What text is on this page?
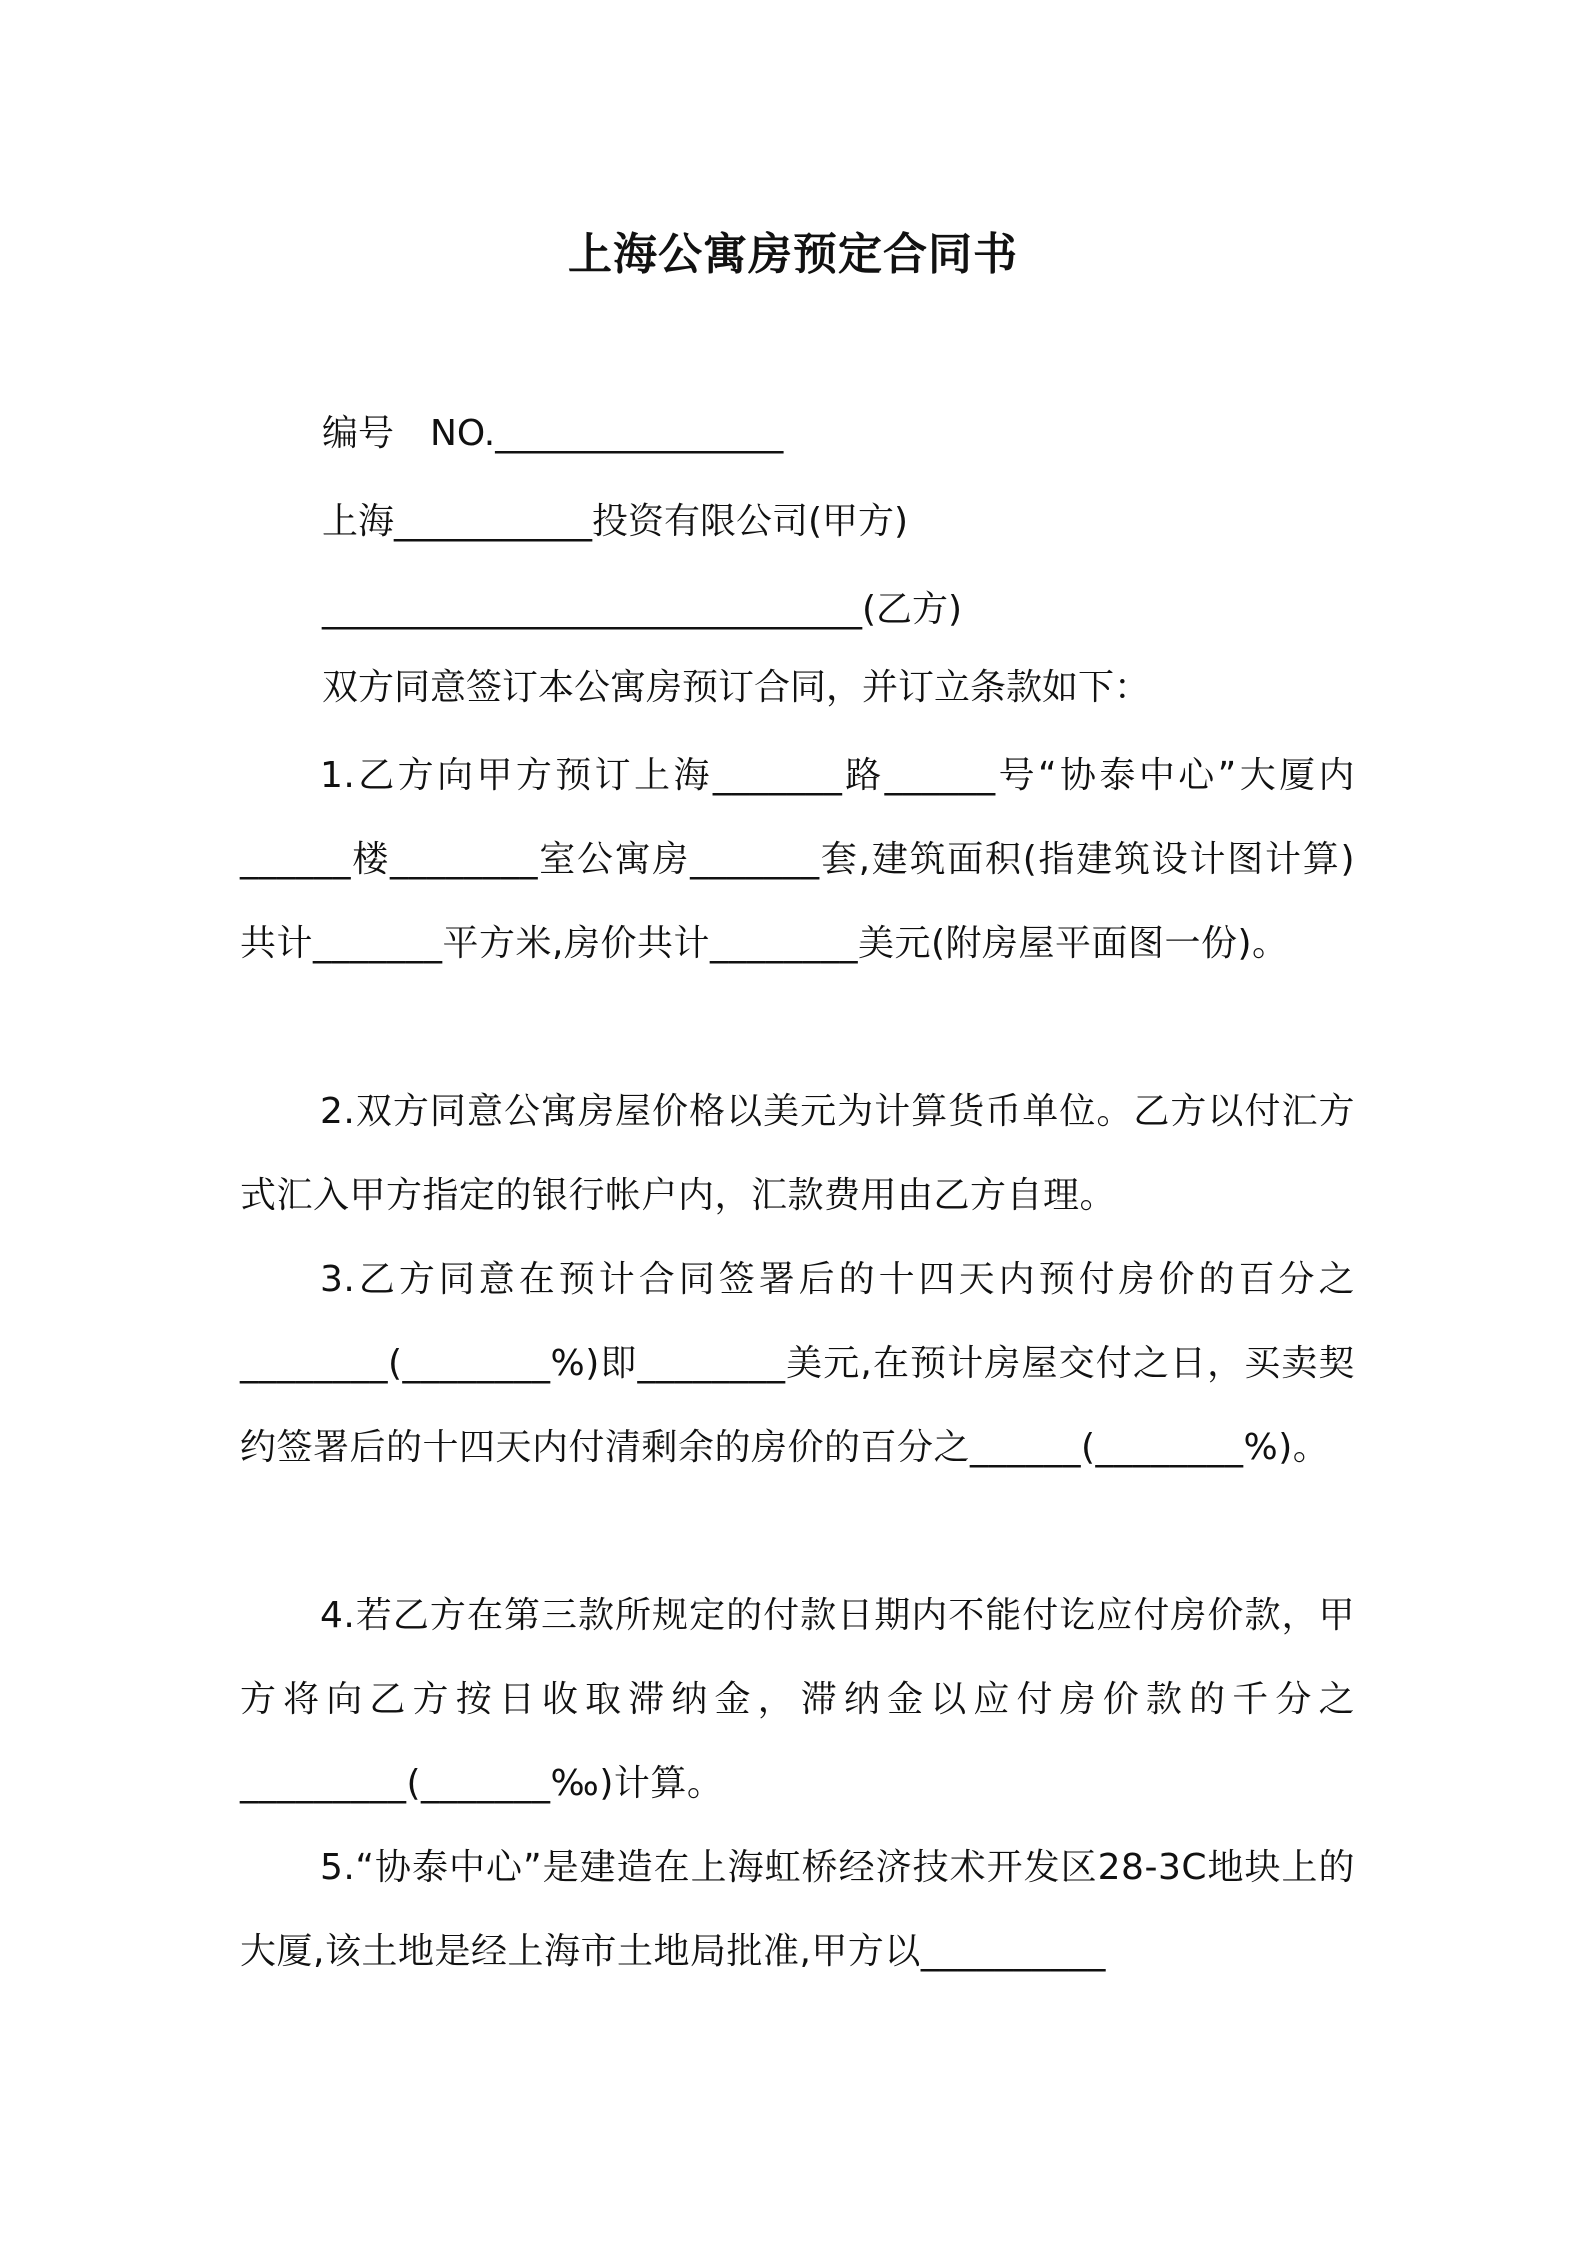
上海公寓房预定合同书
编号　NO.________________
上海___________投资有限公司(甲方)
______________________________(乙方)
双方同意签订本公寓房预订合同，并订立条款如下：
1.乙方向甲方预订上海_______路______号“协泰中心”大厦内______楼________室公寓房_______套,建筑面积(指建筑设计图计算)共计_______平方米,房价共计________美元(附房屋平面图一份)。
2.双方同意公寓房屋价格以美元为计算货币单位。乙方以付汇方式汇入甲方指定的银行帐户内，汇款费用由乙方自理。
3.乙方同意在预计合同签署后的十四天内预付房价的百分之________(________%)即________美元,在预计房屋交付之日，买卖契约签署后的十四天内付清剩余的房价的百分之______(________%)。
4.若乙方在第三款所规定的付款日期内不能付讫应付房价款，甲方将向乙方按日收取滞纳金，滞纳金以应付房价款的千分之_________(_______‰)计算。
5.“协泰中心”是建造在上海虹桥经济技术开发区28-3C地块上的大厦,该土地是经上海市土地局批准,甲方以__________
